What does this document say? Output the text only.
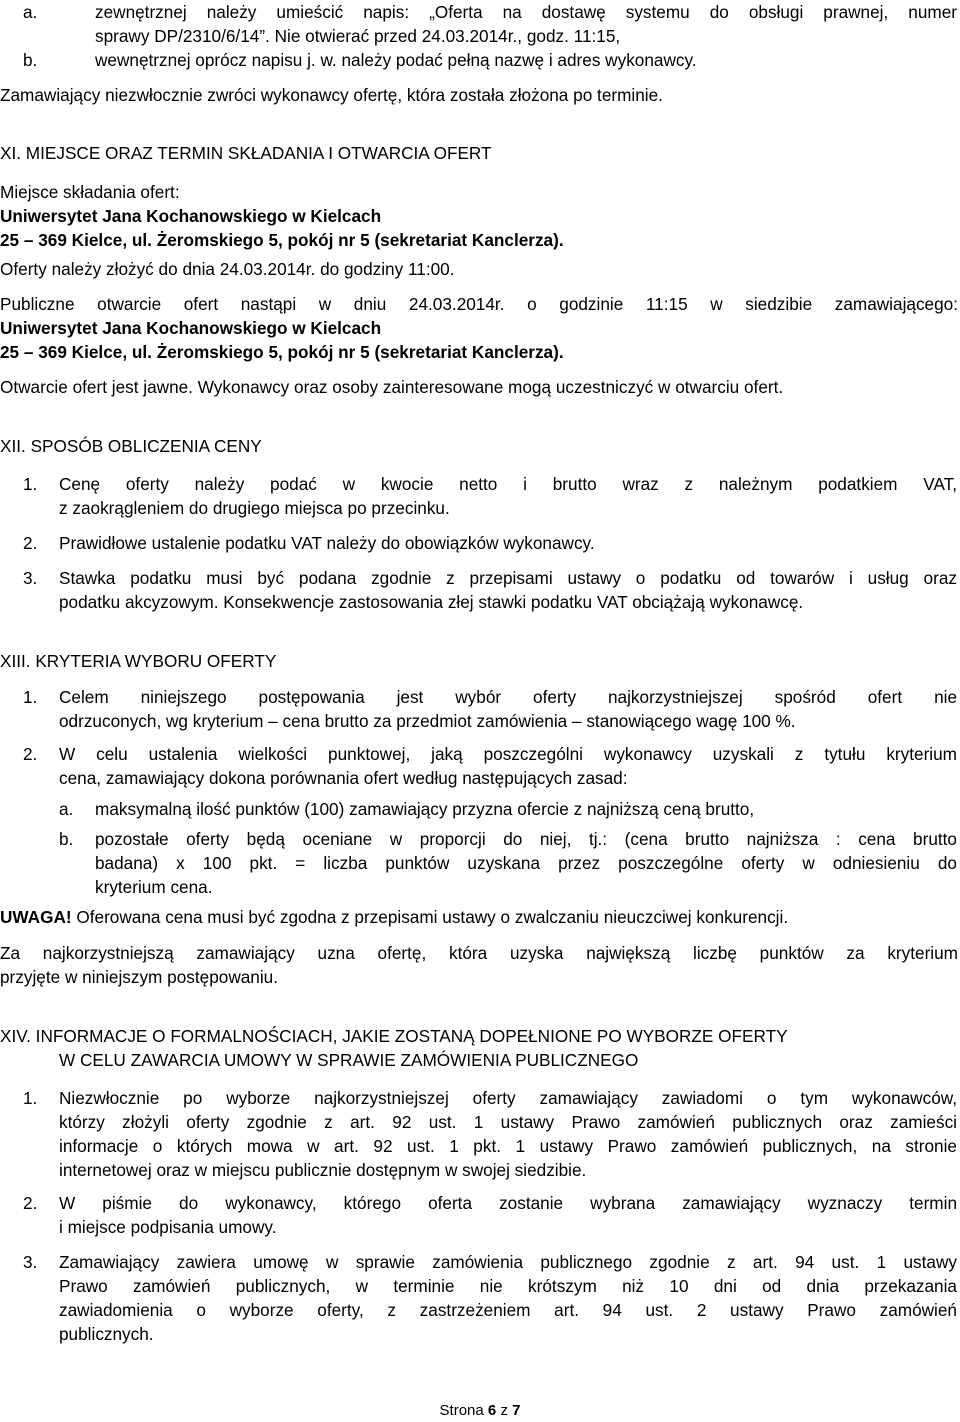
a.	zewnętrznej należy umieścić napis: „Oferta na dostawę systemu do obsługi prawnej, numer
sprawy DP/2310/6/14”. Nie otwierać przed 24.03.2014r., godz. 11:15,
b.	wewnętrznej oprócz napisu j. w. należy podać pełną nazwę i adres wykonawcy.
Zamawiający niezwłocznie zwróci wykonawcy ofertę, która została złożona po terminie.
XI. MIEJSCE ORAZ TERMIN SKŁADANIA I OTWARCIA OFERT
Miejsce składania ofert:
Uniwersytet Jana Kochanowskiego w Kielcach
25 – 369 Kielce, ul. Żeromskiego 5, pokój nr 5 (sekretariat Kanclerza).
Oferty należy złożyć do dnia 24.03.2014r. do godziny 11:00.
Publiczne otwarcie ofert nastąpi w dniu 24.03.2014r. o godzinie 11:15 w siedzibie zamawiającego:
Uniwersytet Jana Kochanowskiego w Kielcach
25 – 369 Kielce, ul. Żeromskiego 5, pokój nr 5 (sekretariat Kanclerza).
Otwarcie ofert jest jawne. Wykonawcy oraz osoby zainteresowane mogą uczestniczyć w otwarciu ofert.
XII. SPOSÓB OBLICZENIA CENY
1. Cenę oferty należy podać w kwocie netto i brutto wraz z należnym podatkiem VAT,
z zaokrągleniem do drugiego miejsca po przecinku.
2. Prawidłowe ustalenie podatku VAT należy do obowiązków wykonawcy.
3. Stawka podatku musi być podana zgodnie z przepisami ustawy o podatku od towarów i usług oraz
podatku akcyzowym. Konsekwencje zastosowania złej stawki podatku VAT obciążają wykonawcę.
XIII. KRYTERIA WYBORU OFERTY
1. Celem niniejszego postępowania jest wybór oferty najkorzystniejszej spośród ofert nie
odrzuconych, wg kryterium – cena brutto za przedmiot zamówienia – stanowiącego wagę 100 %.
2. W celu ustalenia wielkości punktowej, jaką poszczególni wykonawcy uzyskali z tytułu kryterium
cena, zamawiający dokona porównania ofert według następujących zasad:
a. maksymalną ilość punktów (100) zamawiający przyzna ofercie z najniższą ceną brutto,
b. pozostałe oferty będą oceniane w proporcji do niej, tj.: (cena brutto najniższa : cena brutto
badana) x 100 pkt. = liczba punktów uzyskana przez poszczególne oferty w odniesieniu do
kryterium cena.
UWAGA! Oferowana cena musi być zgodna z przepisami ustawy o zwalczaniu nieuczciwej konkurencji.
Za najkorzystniejszą zamawiający uzna ofertę, która uzyska największą liczbę punktów za kryterium
przyjęte w niniejszym postępowaniu.
XIV. INFORMACJE O FORMALNOŚCIACH, JAKIE ZOSTANĄ DOPEŁNIONE PO WYBORZE OFERTY
W CELU ZAWARCIA UMOWY W SPRAWIE ZAMÓWIENIA PUBLICZNEGO
1. Niezwłocznie po wyborze najkorzystniejszej oferty zamawiający zawiadomi o tym wykonawców,
którzy złożyli oferty zgodnie z art. 92 ust. 1 ustawy Prawo zamówień publicznych oraz zamieści
informacje o których mowa w art. 92 ust. 1 pkt. 1 ustawy Prawo zamówień publicznych, na stronie
internetowej oraz w miejscu publicznie dostępnym w swojej siedzibie.
2. W piśmie do wykonawcy, którego oferta zostanie wybrana zamawiający wyznaczy termin
i miejsce podpisania umowy.
3. Zamawiający zawiera umowę w sprawie zamówienia publicznego zgodnie z art. 94 ust. 1 ustawy
Prawo zamówień publicznych, w terminie nie krótszym niż 10 dni od dnia przekazania
zawiadomienia o wyborze oferty, z zastrzeżeniem art. 94 ust. 2 ustawy Prawo zamówień
publicznych.
Strona 6 z 7
